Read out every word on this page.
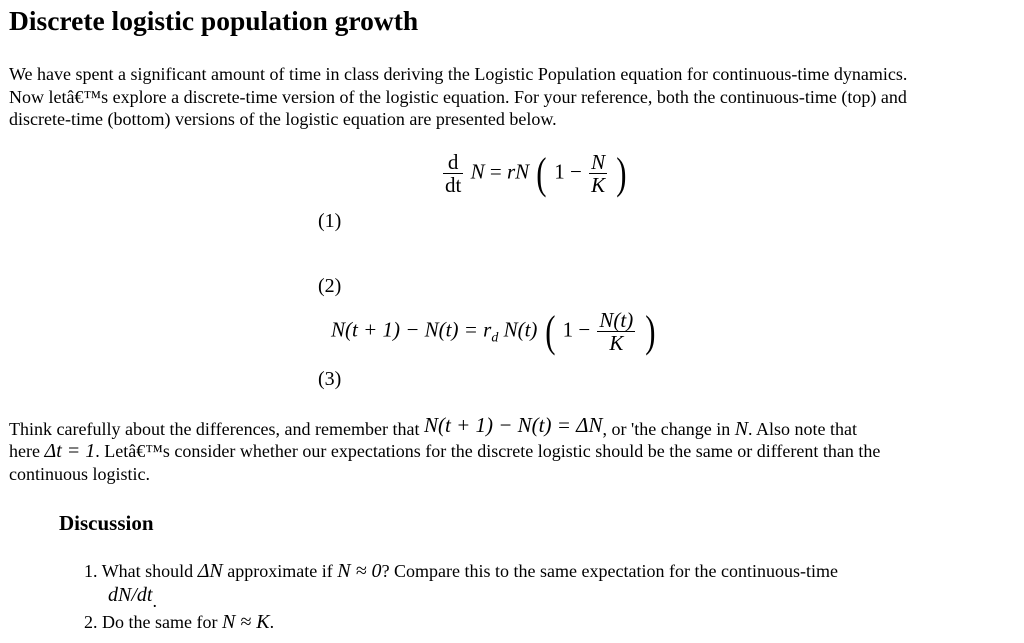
Discrete logistic population growth
We have spent a significant amount of time in class deriving the Logistic Population equation for continuous-time dynamics.
Now letâ€™s explore a discrete-time version of the logistic equation. For your reference, both the continuous-time (top) and
discrete-time (bottom) versions of the logistic equation are presented below.
$\frac{d}{dt}$ N = rN ( $1 - \frac{N}{K}$ )
(1)
(2)
$N(t + 1) - N(t) = r_d$ N(t) ( $1 - \frac{N(t)}{K}$ )
(3)
Think carefully about the differences, and remember that N(t + 1) − N(t) = ΔN, or 'the change in N. Also note that
here Δt = 1. Letâ€™s consider whether our expectations for the discrete logistic should be the same or different than the
continuous logistic.
Discussion
1. What should ΔN approximate if N ≈ 0? Compare this to the same expectation for the continuous-time
dN/dt.
2. Do the same for N ≈ K.
